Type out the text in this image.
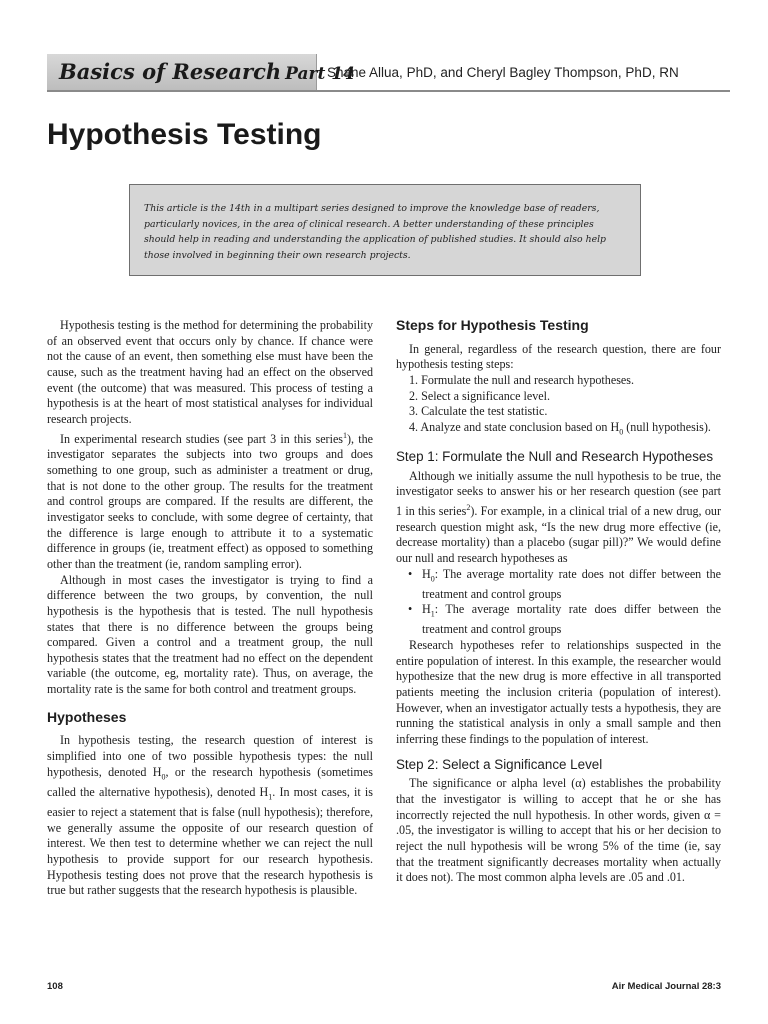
Basics of Research Part 14
Shane Allua, PhD, and Cheryl Bagley Thompson, PhD, RN
Hypothesis Testing
This article is the 14th in a multipart series designed to improve the knowledge base of readers, particularly novices, in the area of clinical research. A better understanding of these principles should help in reading and understanding the application of published studies. It should also help those involved in beginning their own research projects.

Hypothesis testing is the method for determining the probability of an observed event that occurs only by chance. If chance were not the cause of an event, then something else must have been the cause, such as the treatment having had an effect on the observed event (the outcome) that was measured. This process of testing a hypothesis is at the heart of most statistical analyses for individual research projects.

In experimental research studies (see part 3 in this series$^1$), the investigator separates the subjects into two groups and does something to one group, such as administer a treatment or drug, that is not done to the other group. The results for the treatment and control groups are compared. If the results are different, the investigator seeks to conclude, with some degree of certainty, that the difference is large enough to attribute it to a systematic difference in groups (ie, treatment effect) as opposed to something other than the treatment (ie, random sampling error).

Although in most cases the investigator is trying to find a difference between the two groups, by convention, the null hypothesis is the hypothesis that is tested. The null hypothesis states that there is no difference between the groups being compared. Given a control and a treatment group, the null hypothesis states that the treatment had no effect on the dependent variable (the outcome, eg, mortality rate). Thus, on average, the mortality rate is the same for both control and treatment groups.

Hypotheses

In hypothesis testing, the research question of interest is simplified into one of two possible hypothesis types: the null hypothesis, denoted $H_0$, or the research hypothesis (sometimes called the alternative hypothesis), denoted $H_1$. In most cases, it is easier to reject a statement that is false (null hypothesis); therefore, we generally assume the opposite of our research question of interest. We then test to determine whether we can reject the null hypothesis to provide support for our research hypothesis. Hypothesis testing does not prove that the research hypothesis is true but rather suggests that the research hypothesis is plausible.

Steps for Hypothesis Testing

In general, regardless of the research question, there are four hypothesis testing steps:

1. Formulate the null and research hypotheses.
2. Select a significance level.
3. Calculate the test statistic.
4. Analyze and state conclusion based on $H_0$ (null hypothesis).
Step 1: Formulate the Null and Research Hypotheses

Although we initially assume the null hypothesis to be true, the investigator seeks to answer his or her research question (see part 1 in this series$^2$). For example, in a clinical trial of a new drug, our research question might ask, “Is the new drug more effective (ie, decrease mortality) than a placebo (sugar pill)?” We would define our null and research hypotheses as

• $H_0$: The average mortality rate does not differ between the treatment and control groups
• $H_1$: The average mortality rate does differ between the treatment and control groups

Research hypotheses refer to relationships suspected in the entire population of interest. In this example, the researcher would hypothesize that the new drug is more effective in all transported patients meeting the inclusion criteria (population of interest). However, when an investigator actually tests a hypothesis, they are running the statistical analysis in only a small sample and then inferring these findings to the population of interest.

Step 2: Select a Significance Level

The significance or alpha level (α) establishes the probability that the investigator is willing to accept that he or she has incorrectly rejected the null hypothesis. In other words, given α = .05, the investigator is willing to accept that his or her decision to reject the null hypothesis will be wrong 5% of the time (ie, say that the treatment significantly decreases mortality when actually it does not). The most common alpha levels are .05 and .01.

108	Air Medical Journal 28:3
